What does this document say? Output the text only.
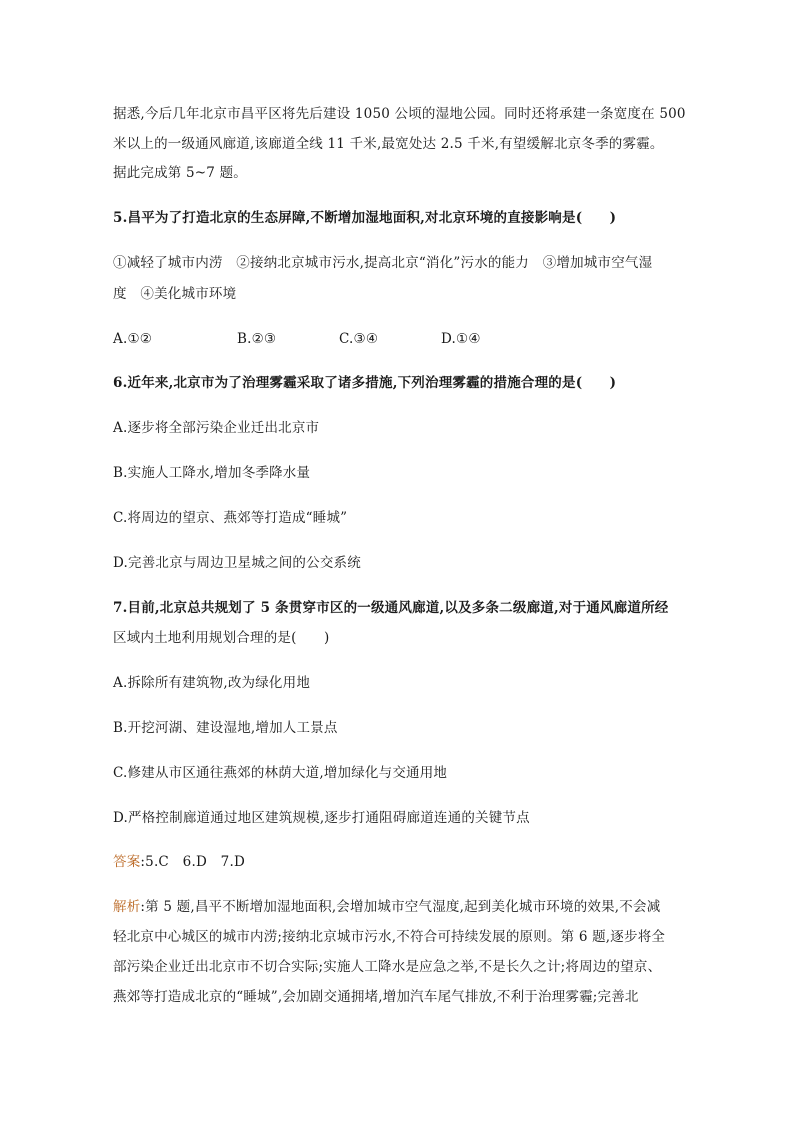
据悉,今后几年北京市昌平区将先后建设 1050 公顷的湿地公园。同时还将承建一条宽度在 500
米以上的一级通风廊道,该廊道全线 11 千米,最宽处达 2.5 千米,有望缓解北京冬季的雾霾。
据此完成第 5~7 题。
5.昌平为了打造北京的生态屏障,不断增加湿地面积,对北京环境的直接影响是(　　)
①减轻了城市内涝　②接纳北京城市污水,提高北京“消化”污水的能力　③增加城市空气湿
度　④美化城市环境
A.①②	B.②③	C.③④	D.①④
6.近年来,北京市为了治理雾霾采取了诸多措施,下列治理雾霾的措施合理的是(　　)
A.逐步将全部污染企业迁出北京市
B.实施人工降水,增加冬季降水量
C.将周边的望京、燕郊等打造成“睡城”
D.完善北京与周边卫星城之间的公交系统
7.目前,北京总共规划了 5 条贯穿市区的一级通风廊道,以及多条二级廊道,对于通风廊道所经
区域内土地利用规划合理的是(　　)
A.拆除所有建筑物,改为绿化用地
B.开挖河湖、建设湿地,增加人工景点
C.修建从市区通往燕郊的林荫大道,增加绿化与交通用地
D.严格控制廊道通过地区建筑规模,逐步打通阻碍廊道连通的关键节点
答案:5.C　6.D　7.D
解析:第 5 题,昌平不断增加湿地面积,会增加城市空气湿度,起到美化城市环境的效果,不会减
轻北京中心城区的城市内涝;接纳北京城市污水,不符合可持续发展的原则。第 6 题,逐步将全
部污染企业迁出北京市不切合实际;实施人工降水是应急之举,不是长久之计;将周边的望京、
燕郊等打造成北京的“睡城”,会加剧交通拥堵,增加汽车尾气排放,不利于治理雾霾;完善北
